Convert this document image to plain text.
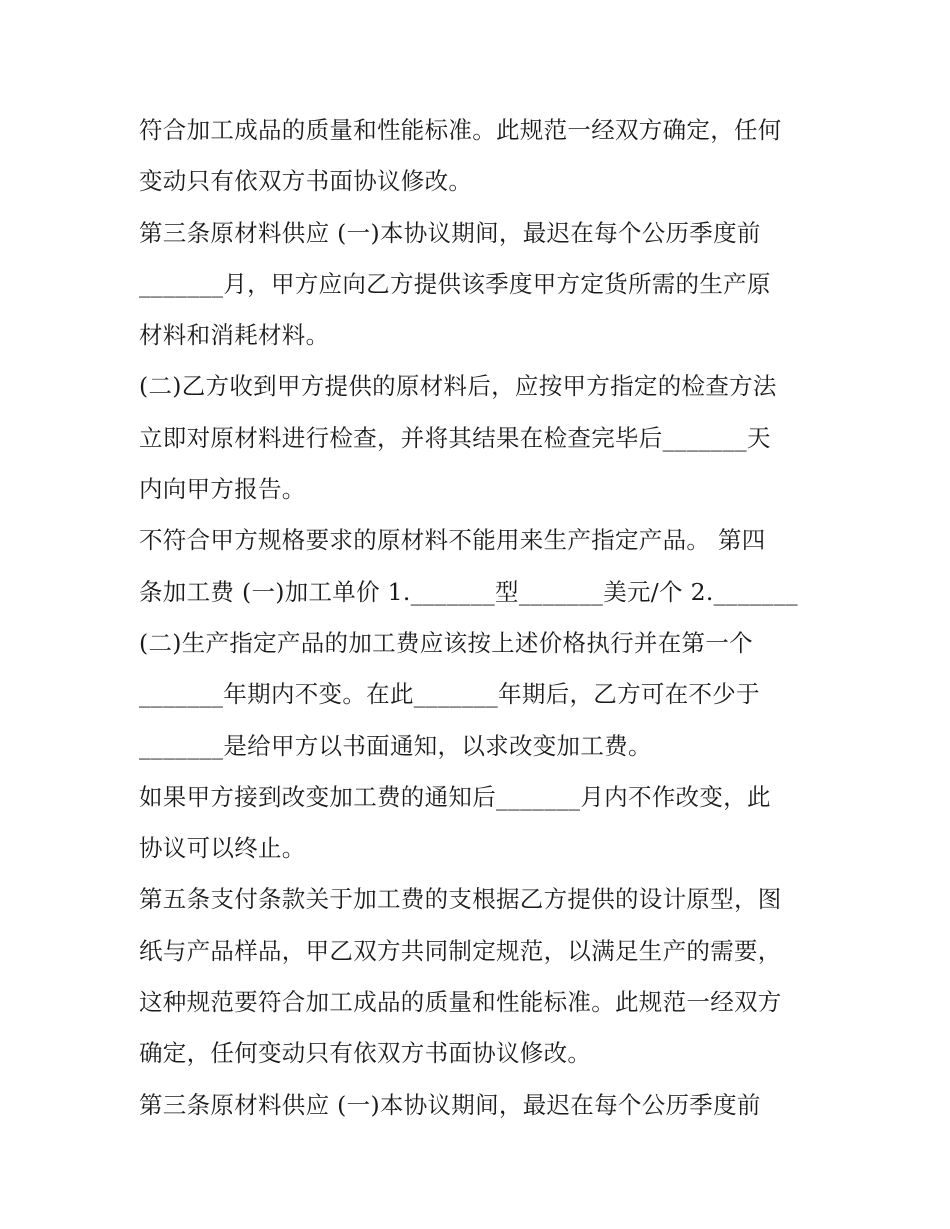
符合加工成品的质量和性能标准。此规范一经双方确定，任何
变动只有依双方书面协议修改。
第三条原材料供应 (一)本协议期间，最迟在每个公历季度前
_______月，甲方应向乙方提供该季度甲方定货所需的生产原
材料和消耗材料。
(二)乙方收到甲方提供的原材料后，应按甲方指定的检查方法
立即对原材料进行检查，并将其结果在检查完毕后_______天
内向甲方报告。
不符合甲方规格要求的原材料不能用来生产指定产品。 第四
条加工费 (一)加工单价 1._______型_______美元/个 2._______
(二)生产指定产品的加工费应该按上述价格执行并在第一个
_______年期内不变。在此_______年期后，乙方可在不少于
_______是给甲方以书面通知，以求改变加工费。
如果甲方接到改变加工费的通知后_______月内不作改变，此
协议可以终止。
第五条支付条款关于加工费的支根据乙方提供的设计原型，图
纸与产品样品，甲乙双方共同制定规范，以满足生产的需要，
这种规范要符合加工成品的质量和性能标准。此规范一经双方
确定，任何变动只有依双方书面协议修改。
第三条原材料供应 (一)本协议期间，最迟在每个公历季度前
